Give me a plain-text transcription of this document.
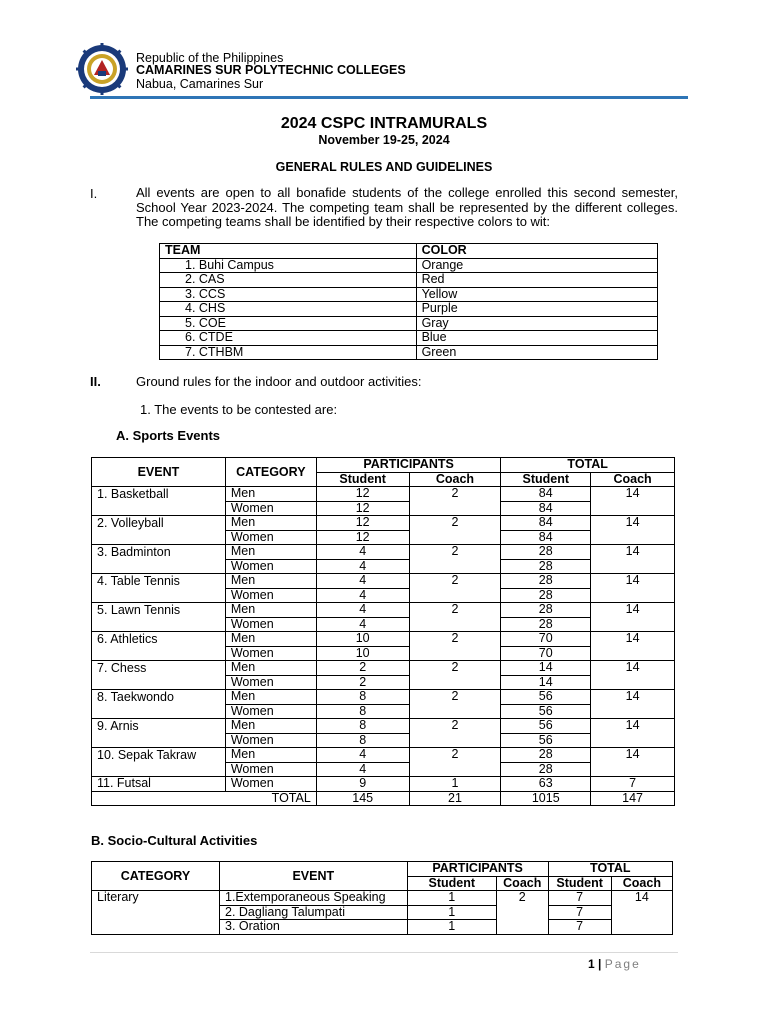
Republic of the Philippines
CAMARINES SUR POLYTECHNIC COLLEGES
Nabua, Camarines Sur
2024 CSPC INTRAMURALS
November 19-25, 2024
GENERAL RULES AND GUIDELINES
I.	All events are open to all bonafide students of the college enrolled this second semester, School Year 2023-2024. The competing team shall be represented by the different colleges. The competing teams shall be identified by their respective colors to wit:
TEAM	COLOR
1. Buhi Campus	Orange
2. CAS	Red
3. CCS	Yellow
4. CHS	Purple
5. COE	Gray
6. CTDE	Blue
7. CTHBM	Green
II.	Ground rules for the indoor and outdoor activities:
1. The events to be contested are:
A. Sports Events
EVENT	CATEGORY	PARTICIPANTS		TOTAL	
		Student	Coach	Student	Coach
1. Basketball	Men	12	2	84	14
	Women	12		84	
2. Volleyball	Men	12	2	84	14
	Women	12		84	
3. Badminton	Men	4	2	28	14
	Women	4		28	
4. Table Tennis	Men	4	2	28	14
	Women	4		28	
5. Lawn Tennis	Men	4	2	28	14
	Women	4		28	
6. Athletics	Men	10	2	70	14
	Women	10		70	
7. Chess	Men	2	2	14	14
	Women	2		14	
8. Taekwondo	Men	8	2	56	14
	Women	8		56	
9. Arnis	Men	8	2	56	14
	Women	8		56	
10. Sepak Takraw	Men	4	2	28	14
	Women	4		28	
11. Futsal	Women	9	1	63	7
TOTAL		145	21	1015	147
B. Socio-Cultural Activities
CATEGORY	EVENT	PARTICIPANTS		TOTAL	
		Student	Coach	Student	Coach
Literary	1.Extemporaneous Speaking	1	2	7	14
	2. Dagliang Talumpati	1		7	
	3. Oration	1		7	
1 | Page
